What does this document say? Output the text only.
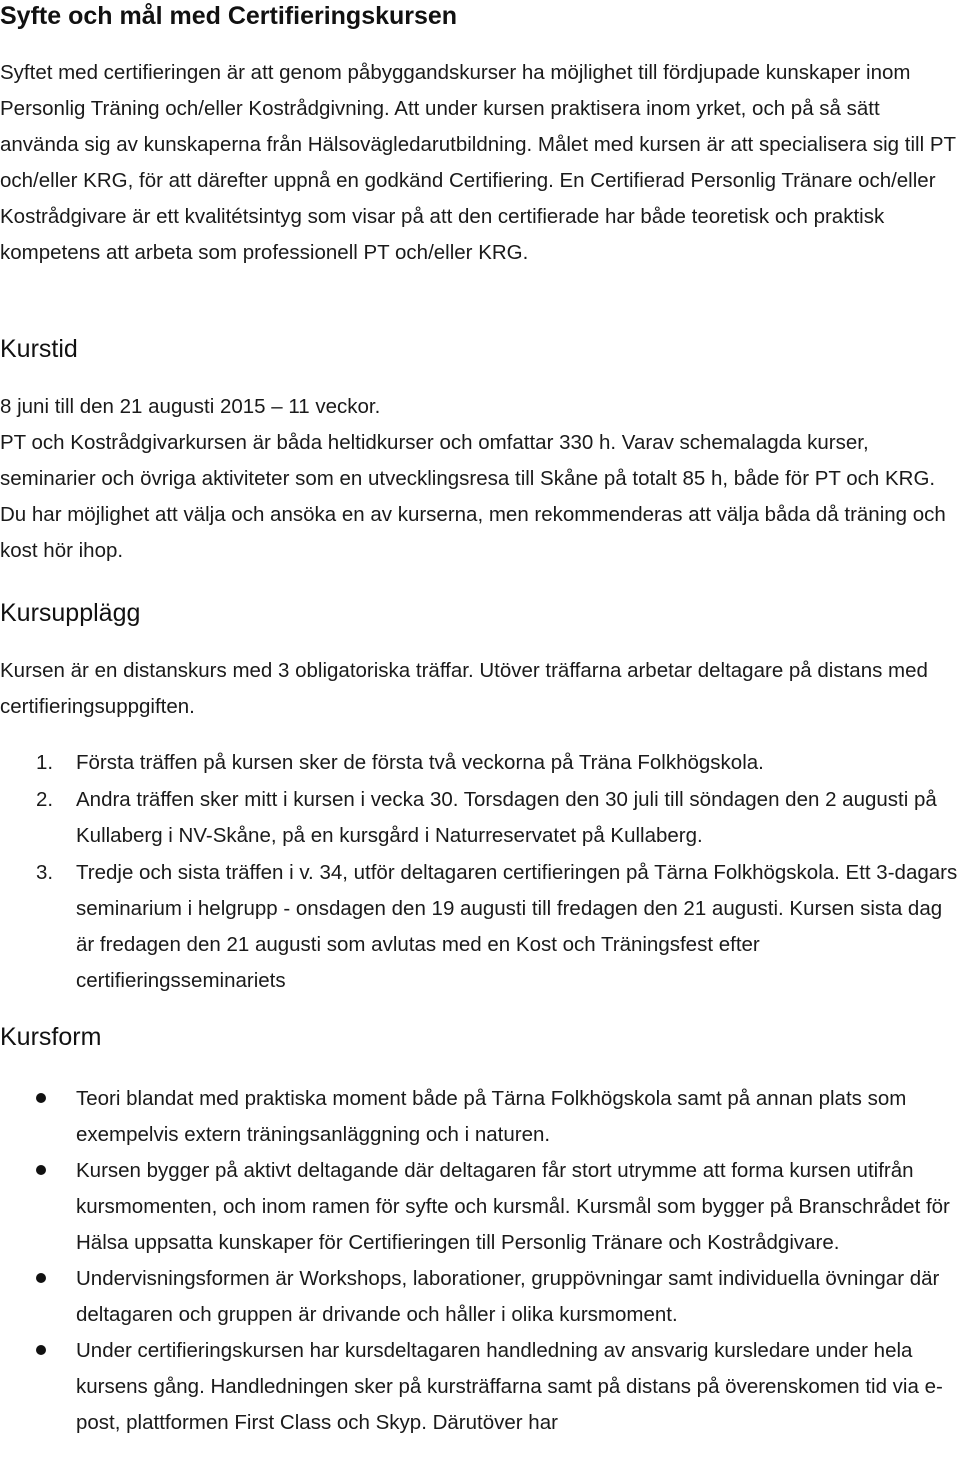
Syfte och mål med Certifieringskursen

Syftet med certifieringen är att genom påbyggandskurser ha möjlighet till fördjupade kunskaper inom Personlig Träning och/eller Kostrådgivning. Att under kursen praktisera inom yrket, och på så sätt använda sig av kunskaperna från Hälsovägledarutbildning. Målet med kursen är att specialisera sig till PT och/eller KRG, för att därefter uppnå en godkänd Certifiering. En Certifierad Personlig Tränare och/eller Kostrådgivare är ett kvalitétsintyg som visar på att den certifierade har både teoretisk och praktisk kompetens att arbeta som professionell PT och/eller KRG.

Kurstid

8 juni till den 21 augusti 2015 – 11 veckor.

PT och Kostrådgivarkursen är båda heltidkurser och omfattar 330 h. Varav schemalagda kurser, seminarier och övriga aktiviteter som en utvecklingsresa till Skåne på totalt 85 h, både för PT och KRG. Du har möjlighet att välja och ansöka en av kurserna, men rekommenderas att välja båda då träning och kost hör ihop.

Kursupplägg

Kursen är en distanskurs med 3 obligatoriska träffar. Utöver träffarna arbetar deltagare på distans med certifieringsuppgiften.

1. Första träffen på kursen sker de första två veckorna på Träna Folkhögskola.
2. Andra träffen sker mitt i kursen i vecka 30. Torsdagen den 30 juli till söndagen den 2 augusti på Kullaberg i NV-Skåne, på en kursgård i Naturreservatet på Kullaberg.
3. Tredje och sista träffen i v. 34, utför deltagaren certifieringen på Tärna Folkhögskola. Ett 3-dagars seminarium i helgrupp - onsdagen den 19 augusti till fredagen den 21 augusti. Kursen sista dag är fredagen den 21 augusti som avlutas med en Kost och Träningsfest efter certifieringsseminariets
Kursform
Teori blandat med praktiska moment både på Tärna Folkhögskola samt på annan plats som exempelvis extern träningsanläggning och i naturen.
Kursen bygger på aktivt deltagande där deltagaren får stort utrymme att forma kursen utifrån kursmomenten, och inom ramen för syfte och kursmål. Kursmål som bygger på Branschrådet för Hälsa uppsatta kunskaper för Certifieringen till Personlig Tränare och Kostrådgivare.
Undervisningsformen är Workshops, laborationer, gruppövningar samt individuella övningar där deltagaren och gruppen är drivande och håller i olika kursmoment.
Under certifieringskursen har kursdeltagaren handledning av ansvarig kursledare under hela kursens gång. Handledningen sker på kursträffarna samt på distans på överenskomen tid via e-post, plattformen First Class och Skyp. Därutöver har
